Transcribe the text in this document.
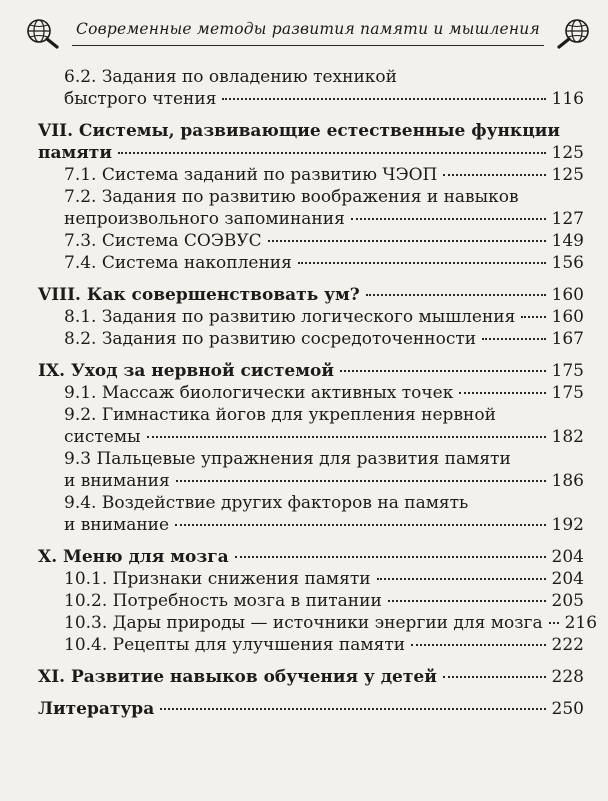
Современные методы развития памяти и мышления
6.2. Задания по овладению техникой
быстрого чтения	116
VII. Системы, развивающие естественные функции
памяти	125
7.1. Система заданий по развитию ЧЭОП	125
7.2. Задания по развитию воображения и навыков
непроизвольного запоминания	127
7.3. Система СОЭВУС	149
7.4. Система накопления	156
VIII. Как совершенствовать ум?	160
8.1. Задания по развитию логического мышления 160
8.2. Задания по развитию сосредоточенности	167
IX. Уход за нервной системой	175
9.1. Массаж биологически активных точек	175
9.2. Гимнастика йогов для укрепления нервной
системы	182
9.3 Пальцевые упражнения для развития памяти
и внимания	186
9.4. Воздействие других факторов на память
и внимание	192
X. Меню для мозга	204
10.1. Признаки снижения памяти	204
10.2. Потребность мозга в питании	205
10.3. Дары природы — источники энергии для мозга 216
10.4. Рецепты для улучшения памяти	222
XI. Развитие навыков обучения у детей	228
Литература	250
